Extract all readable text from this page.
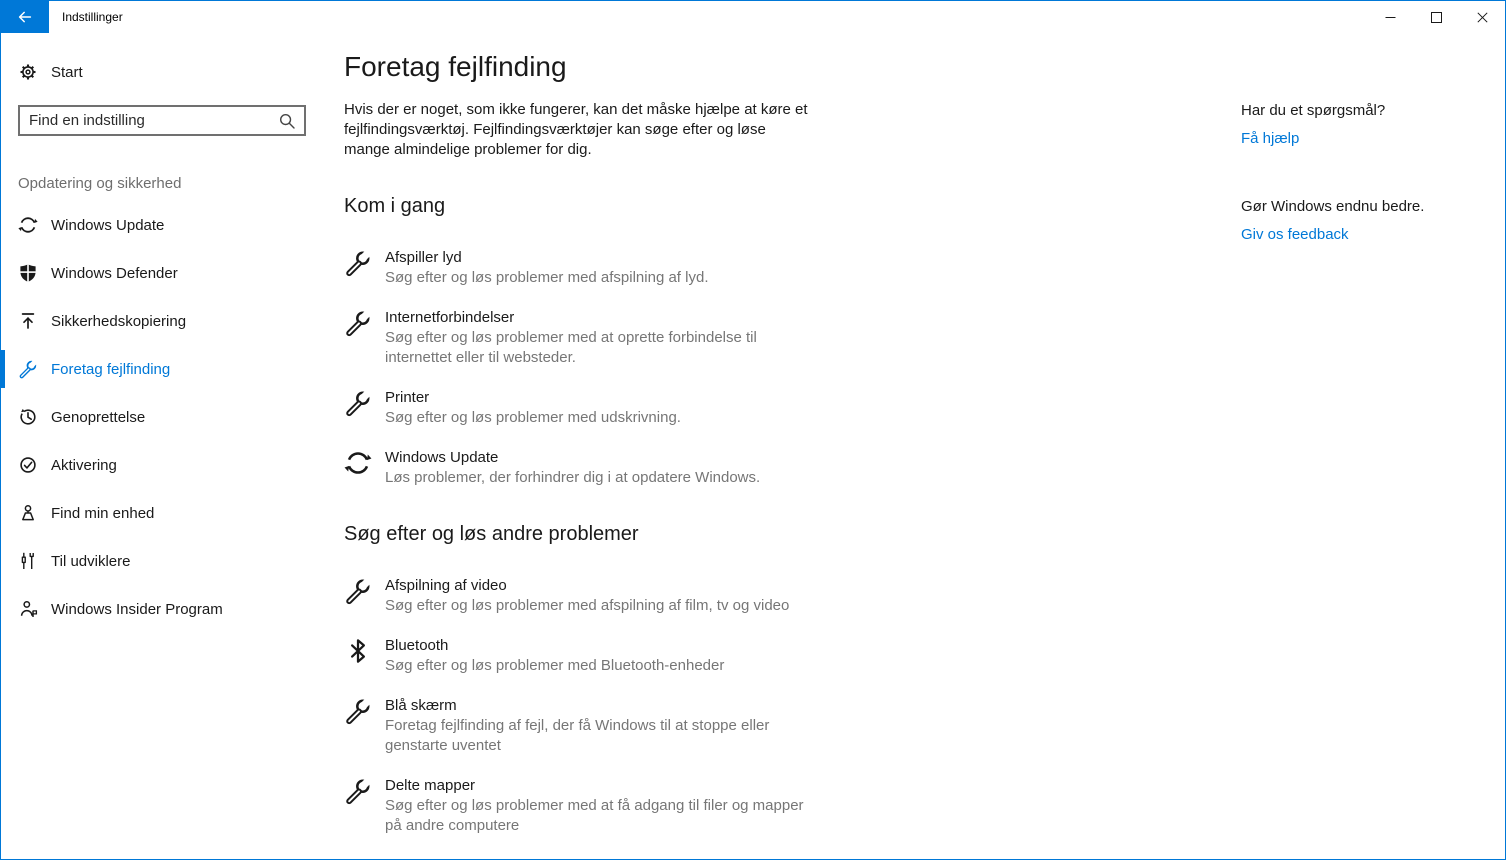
Indstillinger
Start
Find en indstilling
Opdatering og sikkerhed
Windows Update
Windows Defender
Sikkerhedskopiering
Foretag fejlfinding
Genoprettelse
Aktivering
Find min enhed
Til udviklere
Windows Insider Program
Foretag fejlfinding

Hvis der er noget, som ikke fungerer, kan det måske hjælpe at køre et fejlfindingsværktøj. Fejlfindingsværktøjer kan søge efter og løse mange almindelige problemer for dig.

Kom i gang
Afspiller lyd
Søg efter og løs problemer med afspilning af lyd.
Internetforbindelser
Søg efter og løs problemer med at oprette forbindelse til internettet eller til websteder.
Printer
Søg efter og løs problemer med udskrivning.
Windows Update
Løs problemer, der forhindrer dig i at opdatere Windows.
Søg efter og løs andre problemer
Afspilning af video
Søg efter og løs problemer med afspilning af film, tv og video
Bluetooth
Søg efter og løs problemer med Bluetooth-enheder
Blå skærm
Foretag fejlfinding af fejl, der få Windows til at stoppe eller genstarte uventet
Delte mapper
Søg efter og løs problemer med at få adgang til filer og mapper på andre computere
Har du et spørgsmål?
Få hjælp
Gør Windows endnu bedre.
Giv os feedback
